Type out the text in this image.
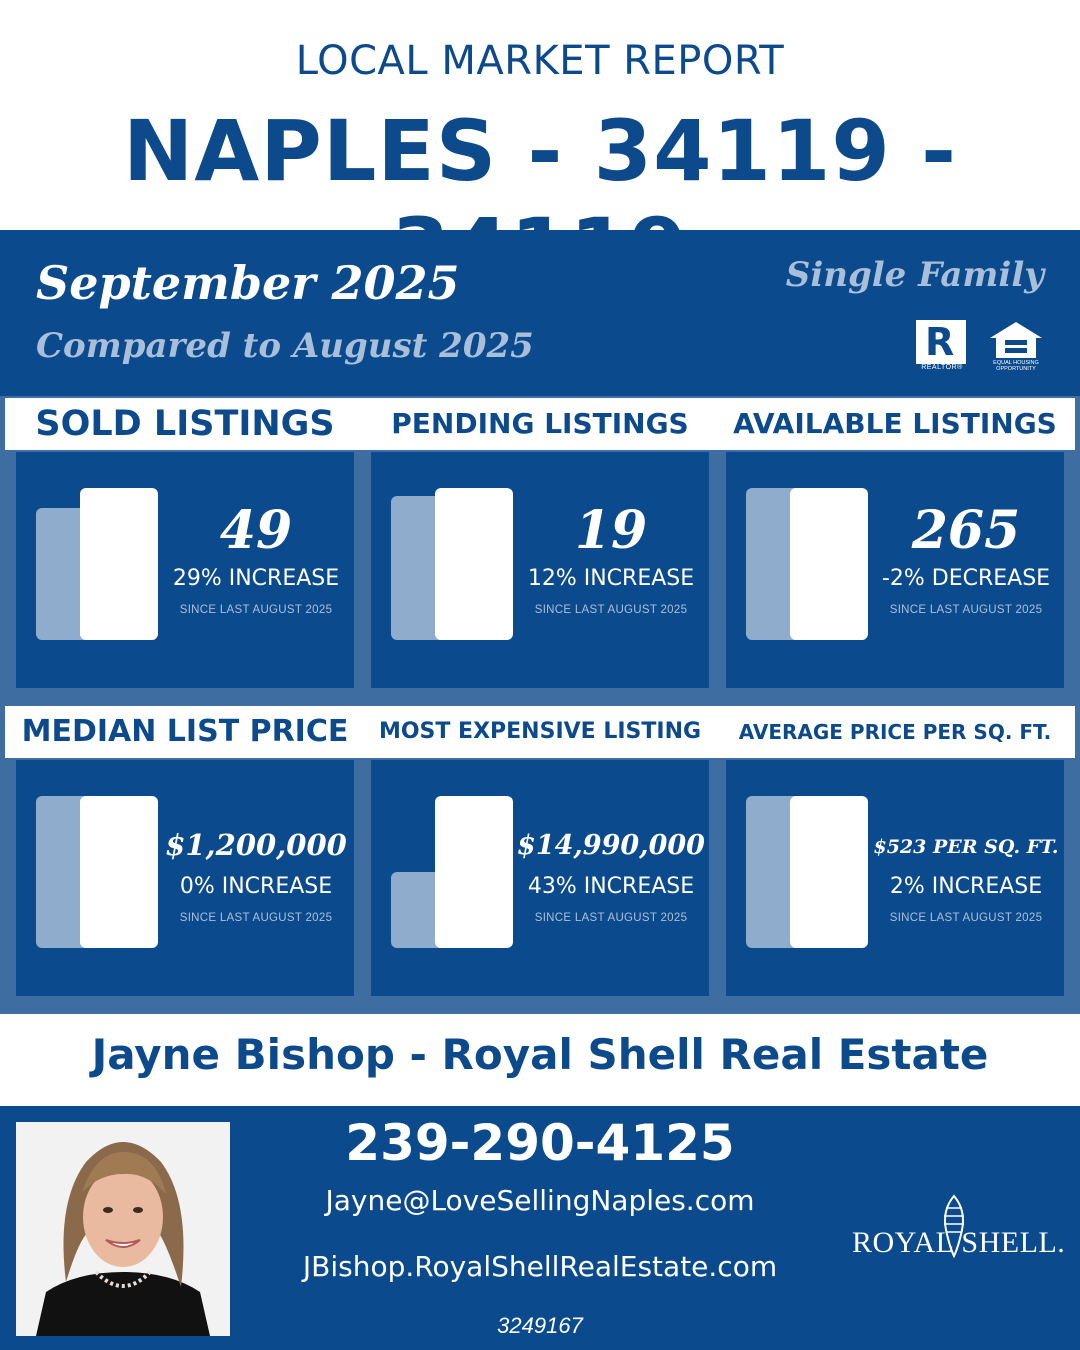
LOCAL MARKET REPORT
NAPLES - 34119 -
September 2025
Compared to August 2025
Single Family
R
REALTOR®
EQUAL HOUSING
OPPORTUNITY
SOLD LISTINGS	PENDING LISTINGS	AVAILABLE LISTINGS
49
29% INCREASE
SINCE LAST AUGUST 2025
19
12% INCREASE
SINCE LAST AUGUST 2025
265
-2% DECREASE
SINCE LAST AUGUST 2025
MEDIAN LIST PRICE	MOST EXPENSIVE LISTING	AVERAGE PRICE PER SQ. FT.
$1,200,000
0% INCREASE
SINCE LAST AUGUST 2025
$14,990,000
43% INCREASE
SINCE LAST AUGUST 2025
$523 PER SQ. FT.
2% INCREASE
SINCE LAST AUGUST 2025
Jayne Bishop - Royal Shell Real Estate
239-290-4125
Jayne@LoveSellingNaples.com
JBishop.RoyalShellRealEstate.com
3249167
ROYAL SHELL.
